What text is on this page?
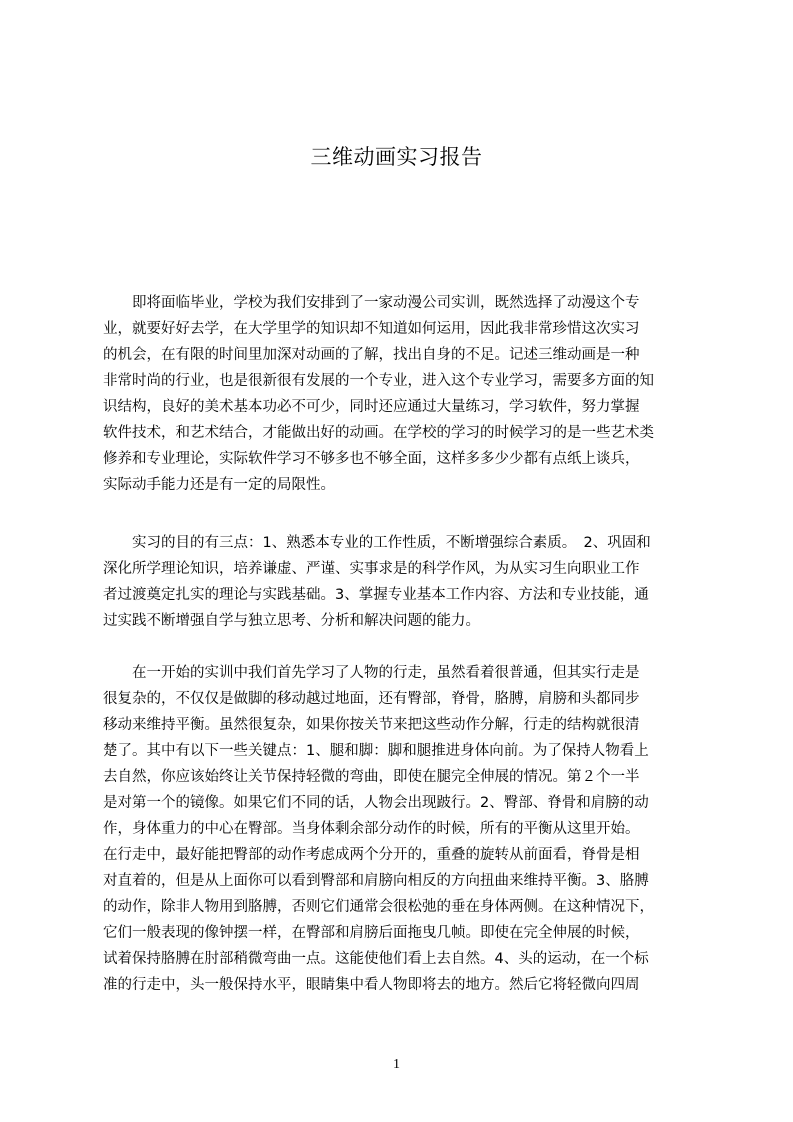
三维动画实习报告
　　即将面临毕业，学校为我们安排到了一家动漫公司实训，既然选择了动漫这个专
业，就要好好去学，在大学里学的知识却不知道如何运用，因此我非常珍惜这次实习
的机会，在有限的时间里加深对动画的了解，找出自身的不足。记述三维动画是一种
非常时尚的行业，也是很新很有发展的一个专业，进入这个专业学习，需要多方面的知
识结构，良好的美术基本功必不可少，同时还应通过大量练习，学习软件，努力掌握
软件技术，和艺术结合，才能做出好的动画。在学校的学习的时候学习的是一些艺术类
修养和专业理论，实际软件学习不够多也不够全面，这样多多少少都有点纸上谈兵，
实际动手能力还是有一定的局限性。
　　实习的目的有三点：1、熟悉本专业的工作性质，不断增强综合素质。　2、巩固和
深化所学理论知识，培养谦虚、严谨、实事求是的科学作风，为从实习生向职业工作
者过渡奠定扎实的理论与实践基础。3、掌握专业基本工作内容、方法和专业技能，通
过实践不断增强自学与独立思考、分析和解决问题的能力。
　　在一开始的实训中我们首先学习了人物的行走，虽然看着很普通，但其实行走是
很复杂的，不仅仅是做脚的移动越过地面，还有臀部，脊骨，胳膊，肩膀和头都同步
移动来维持平衡。虽然很复杂，如果你按关节来把这些动作分解，行走的结构就很清
楚了。其中有以下一些关键点：1、腿和脚：脚和腿推进身体向前。为了保持人物看上
去自然，你应该始终让关节保持轻微的弯曲，即使在腿完全伸展的情况。第２个一半
是对第一个的镜像。如果它们不同的话，人物会出现跛行。2、臀部、脊骨和肩膀的动
作，身体重力的中心在臀部。当身体剩余部分动作的时候，所有的平衡从这里开始。
在行走中，最好能把臀部的动作考虑成两个分开的，重叠的旋转从前面看，脊骨是相
对直着的，但是从上面你可以看到臀部和肩膀向相反的方向扭曲来维持平衡。3、胳膊
的动作，除非人物用到胳膊，否则它们通常会很松弛的垂在身体两侧。在这种情况下，
它们一般表现的像钟摆一样，在臀部和肩膀后面拖曳几帧。即使在完全伸展的时候，
试着保持胳膊在肘部稍微弯曲一点。这能使他们看上去自然。4、头的运动，在一个标
准的行走中，头一般保持水平，眼睛集中看人物即将去的地方。然后它将轻微向四周
1
